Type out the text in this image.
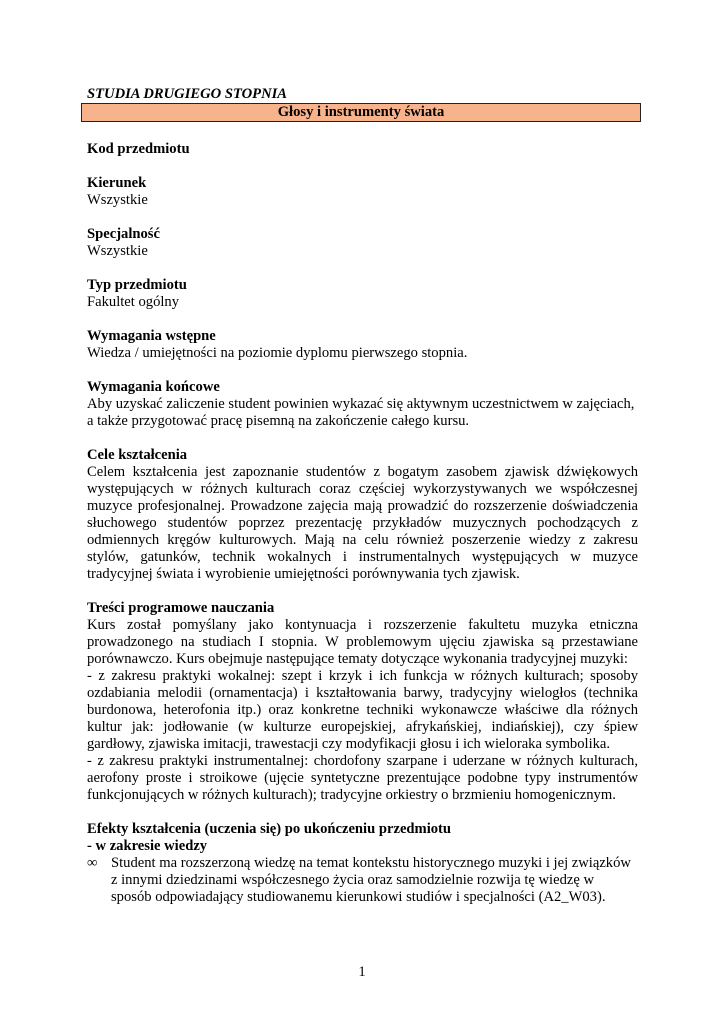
STUDIA DRUGIEGO STOPNIA

Głosy i instrumenty świata

Kod przedmiotu

Kierunek

Wszystkie

Specjalność

Wszystkie

Typ przedmiotu

Fakultet ogólny

Wymagania wstępne

Wiedza / umiejętności na poziomie dyplomu pierwszego stopnia.

Wymagania końcowe

Aby uzyskać zaliczenie student powinien wykazać się aktywnym uczestnictwem w zajęciach, a także przygotować pracę pisemną na zakończenie całego kursu.

Cele kształcenia

Celem kształcenia jest zapoznanie studentów z bogatym zasobem zjawisk dźwiękowych występujących w różnych kulturach coraz częściej wykorzystywanych we współczesnej muzyce profesjonalnej. Prowadzone zajęcia mają prowadzić do rozszerzenie doświadczenia słuchowego studentów poprzez prezentację przykładów muzycznych pochodzących z odmiennych kręgów kulturowych. Mają na celu również poszerzenie wiedzy z zakresu stylów, gatunków, technik wokalnych i instrumentalnych występujących w muzyce tradycyjnej świata i wyrobienie umiejętności porównywania tych zjawisk.

Treści programowe nauczania

Kurs został pomyślany jako kontynuacja i rozszerzenie fakultetu muzyka etniczna prowadzonego na studiach I stopnia. W problemowym ujęciu zjawiska są przestawiane porównawczo. Kurs obejmuje następujące tematy dotyczące wykonania tradycyjnej muzyki:

- z zakresu praktyki wokalnej: szept i krzyk i ich funkcja w różnych kulturach; sposoby ozdabiania melodii (ornamentacja) i kształtowania barwy, tradycyjny wielogłos (technika burdonowa, heterofonia itp.) oraz konkretne techniki wykonawcze właściwe dla różnych kultur jak: jodłowanie (w kulturze europejskiej, afrykańskiej, indiańskiej), czy śpiew gardłowy, zjawiska imitacji, trawestacji czy modyfikacji głosu i ich wieloraka symbolika.

- z zakresu praktyki instrumentalnej: chordofony szarpane i uderzane w różnych kulturach, aerofony proste i stroikowe (ujęcie syntetyczne prezentujące podobne typy instrumentów funkcjonujących w różnych kulturach); tradycyjne orkiestry o brzmieniu homogenicznym.

Efekty kształcenia (uczenia się) po ukończeniu przedmiotu

- w zakresie wiedzy

∞ Student ma rozszerzoną wiedzę na temat kontekstu historycznego muzyki i jej związków z innymi dziedzinami współczesnego życia oraz samodzielnie rozwija tę wiedzę w sposób odpowiadający studiowanemu kierunkowi studiów i specjalności (A2_W03).
1
